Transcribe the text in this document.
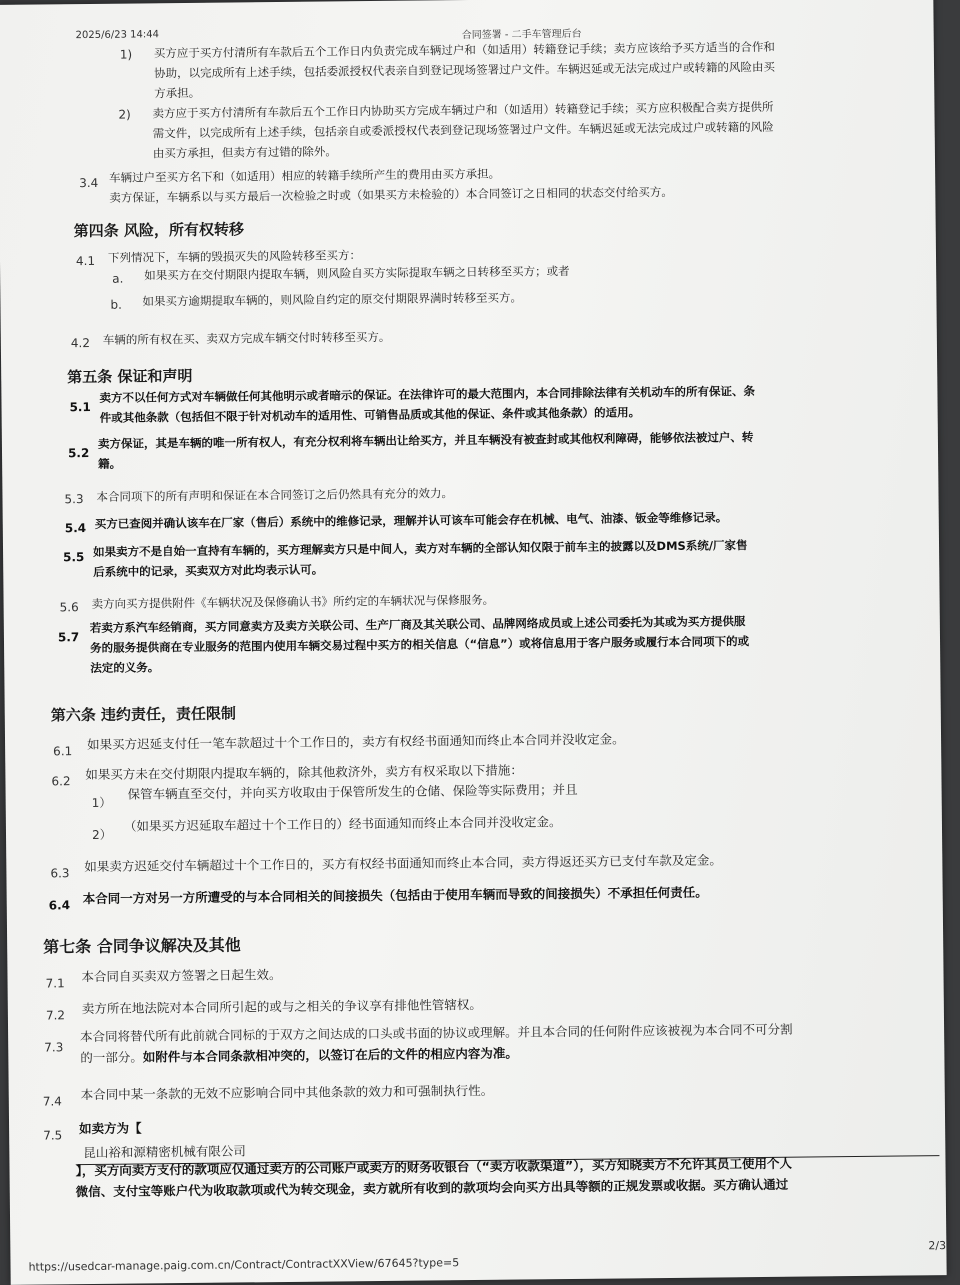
2025/6/23 14:44	合同签署 - 二手车管理后台
1) 买方应于买方付清所有车款后五个工作日内负责完成车辆过户和（如适用）转籍登记手续；卖方应该给予买方适当的合作和
协助，以完成所有上述手续，包括委派授权代表亲自到登记现场签署过户文件。车辆迟延或无法完成过户或转籍的风险由买
方承担。
2) 卖方应于买方付清所有车款后五个工作日内协助买方完成车辆过户和（如适用）转籍登记手续；买方应积极配合卖方提供所
需文件，以完成所有上述手续，包括亲自或委派授权代表到登记现场签署过户文件。车辆迟延或无法完成过户或转籍的风险
由买方承担，但卖方有过错的除外。
3.4 车辆过户至买方名下和（如适用）相应的转籍手续所产生的费用由买方承担。
卖方保证，车辆系以与买方最后一次检验之时或（如果买方未检验的）本合同签订之日相同的状态交付给买方。
第四条 风险，所有权转移
4.1 下列情况下，车辆的毁损灭失的风险转移至买方：
a. 如果买方在交付期限内提取车辆，则风险自买方实际提取车辆之日转移至买方；或者
b. 如果买方逾期提取车辆的，则风险自约定的原交付期限界满时转移至买方。
4.2 车辆的所有权在买、卖双方完成车辆交付时转移至买方。
第五条 保证和声明
5.1
卖方不以任何方式对车辆做任何其他明示或者暗示的保证。在法律许可的最大范围内，本合同排除法律有关机动车的所有保证、条
件或其他条款（包括但不限于针对机动车的适用性、可销售品质或其他的保证、条件或其他条款）的适用。
5.2
卖方保证，其是车辆的唯一所有权人，有充分权利将车辆出让给买方，并且车辆没有被查封或其他权利障碍，能够依法被过户、转
籍。
5.3 本合同项下的所有声明和保证在本合同签订之后仍然具有充分的效力。
5.4 买方已查阅并确认该车在厂家（售后）系统中的维修记录，理解并认可该车可能会存在机械、电气、油漆、钣金等维修记录。
5.5 如果卖方不是自始一直持有车辆的，买方理解卖方只是中间人，卖方对车辆的全部认知仅限于前车主的披露以及DMS系统/厂家售
后系统中的记录，买卖双方对此均表示认可。
5.6 卖方向买方提供附件《车辆状况及保修确认书》所约定的车辆状况与保修服务。
5.7
若卖方系汽车经销商，买方同意卖方及卖方关联公司、生产厂商及其关联公司、品牌网络成员或上述公司委托为其或为买方提供服
务的服务提供商在专业服务的范围内使用车辆交易过程中买方的相关信息（“信息”）或将信息用于客户服务或履行本合同项下的或
法定的义务。
第六条 违约责任，责任限制
6.1 如果买方迟延支付任一笔车款超过十个工作日的，卖方有权经书面通知而终止本合同并没收定金。
6.2 如果买方未在交付期限内提取车辆的，除其他救济外，卖方有权采取以下措施：
1）
保管车辆直至交付，并向买方收取由于保管所发生的仓储、保险等实际费用；并且
2）
（如果买方迟延取车超过十个工作日的）经书面通知而终止本合同并没收定金。
6.3 如果卖方迟延交付车辆超过十个工作日的，买方有权经书面通知而终止本合同，卖方得返还买方已支付车款及定金。
6.4 本合同一方对另一方所遭受的与本合同相关的间接损失（包括由于使用车辆而导致的间接损失）不承担任何责任。
第七条 合同争议解决及其他
7.1 本合同自买卖双方签署之日起生效。
7.2 卖方所在地法院对本合同所引起的或与之相关的争议享有排他性管辖权。
7.3
本合同将替代所有此前就合同标的于双方之间达成的口头或书面的协议或理解。并且本合同的任何附件应该被视为本合同不可分割
的一部分。如附件与本合同条款相冲突的，以签订在后的文件的相应内容为准。
7.4 本合同中某一条款的无效不应影响合同中其他条款的效力和可强制执行性。
7.5 如卖方为【
昆山裕和源精密机械有限公司
】，买方向卖方支付的款项应仅通过卖方的公司账户或卖方的财务收银台（“卖方收款渠道”），买方知晓卖方不允许其员工使用个人
微信、支付宝等账户代为收取款项或代为转交现金，卖方就所有收到的款项均会向买方出具等额的正规发票或收据。买方确认通过
https://usedcar-manage.paig.com.cn/Contract/ContractXXView/67645?type=5
2/3
